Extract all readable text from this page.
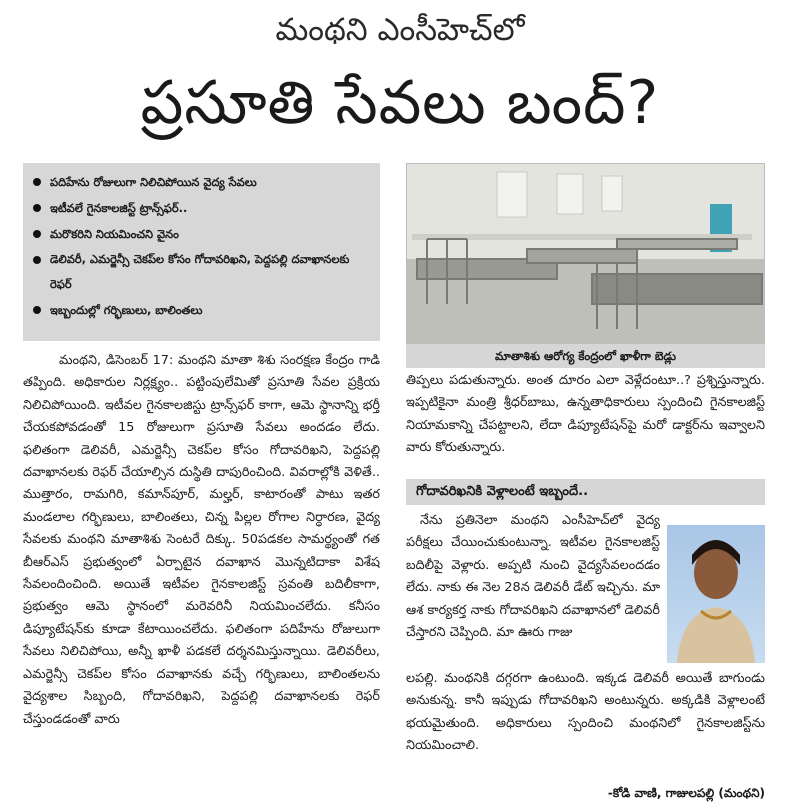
మంథని ఎంసీహెచ్‌లో
ప్రసూతి సేవలు బంద్?
పదిహేను రోజులుగా నిలిచిపోయిన వైద్య సేవలు
ఇటీవలే గైనకాలజిస్ట్ ట్రాన్స్‌ఫర్..
మరొకరిని నియమించని వైనం
డెలివరీ, ఎమర్జెన్సీ చెకప్‌ల కోసం గోదావరిఖని, పెద్దపల్లి దవాఖానలకు రెఫర్
ఇబ్బందుల్లో గర్భిణులు, బాలింతలు
మాతాశిశు ఆరోగ్య కేంద్రంలో ఖాళీగా బెడ్లు
మంథని, డిసెంబర్ 17: మంథని మాతా శిశు సంరక్షణ కేంద్రం గాడి తప్పింది. అధికారుల నిర్లక్ష్యం.. పట్టింపులేమితో ప్రసూతి సేవల ప్రక్రియ నిలిచిపోయింది. ఇటీవల గైనకాలజిస్టు ట్రాన్స్‌ఫర్ కాగా, ఆమె స్థానాన్ని భర్తీ చేయకపోవడంతో 15 రోజులుగా ప్రసూతి సేవలు అందడం లేదు. ఫలితంగా డెలివరీ, ఎమర్జెన్సీ చెకప్‌ల కోసం గోదావరిఖని, పెద్దపల్లి దవాఖానలకు రెఫర్ చేయాల్సిన దుస్థితి దాపురించింది. వివరాల్లోకి వెళితే.. ముత్తారం, రామగిరి, కమాన్‌పూర్, మల్హర్, కాటారంతో పాటు ఇతర మండలాల గర్భిణులు, బాలింతలు, చిన్న పిల్లల రోగాల నిర్ధారణ, వైద్య సేవలకు మంథని మాతాశిశు సెంటరే దిక్కు. 50పడకల సామర్థ్యంతో గత బీఆర్ఎస్ ప్రభుత్వంలో ఏర్పాటైన దవాఖాన మొన్నటిదాకా విశేష సేవలందించింది. అయితే ఇటీవల గైనకాలజిస్ట్ స్రవంతి బదిలీకాగా, ప్రభుత్వం ఆమె స్థానంలో మరెవరినీ నియమించలేదు. కనీసం డిప్యూటేషన్‌కు కూడా కేటాయించలేదు. ఫలితంగా పదిహేను రోజులుగా సేవలు నిలిచిపోయి, అన్నీ ఖాళీ పడకలే దర్శనమిస్తున్నాయి. డెలివరీలు, ఎమర్జెన్సీ చెకప్‌ల కోసం దవాఖానకు వచ్చే గర్భిణులు, బాలింతలను వైద్యశాల సిబ్బంది, గోదావరిఖని, పెద్దపల్లి దవాఖానలకు రెఫర్ చేస్తుండడంతో వారు
తిప్పలు పడుతున్నారు. అంత దూరం ఎలా వెళ్లేదంటూ..? ప్రశ్నిస్తున్నారు. ఇప్పటికైనా మంత్రి శ్రీధర్‌బాబు, ఉన్నతాధికారులు స్పందించి గైనకాలజిస్ట్ నియామకాన్ని చేపట్టాలని, లేదా డిప్యూటేషన్‌పై మరో డాక్టర్‌ను ఇవ్వాలని వారు కోరుతున్నారు.
గోదావరిఖనికి వెళ్లాలంటే ఇబ్బందే..
నేను ప్రతినెలా మంథని ఎంసీహెచ్‌లో వైద్య పరీక్షలు చేయించుకుంటున్నా. ఇటీవల గైనకాలజిస్ట్ బదిలీపై వెళ్లారు. అప్పటి నుంచి వైద్యసేవలందడం లేదు. నాకు ఈ నెల 28న డెలివరీ డేట్ ఇచ్చిను. మా ఆశ కార్యకర్త నాకు గోదావరిఖని దవాఖానలో డెలివరీ చేస్తారని చెప్పింది. మా ఊరు గాజు
లపల్లి. మంథనికి దగ్గరగా ఉంటుంది. ఇక్కడ డెలివరీ అయితే బాగుండు అనుకున్న. కానీ ఇప్పుడు గోదావరిఖని అంటున్నరు. అక్కడికి వెళ్లాలంటే భయమైతుంది. అధికారులు స్పందించి మంథనిలో గైనకాలజిస్ట్‌ను నియమించాలి.
-కోడి వాణి, గాజులపల్లి (మంథని)
